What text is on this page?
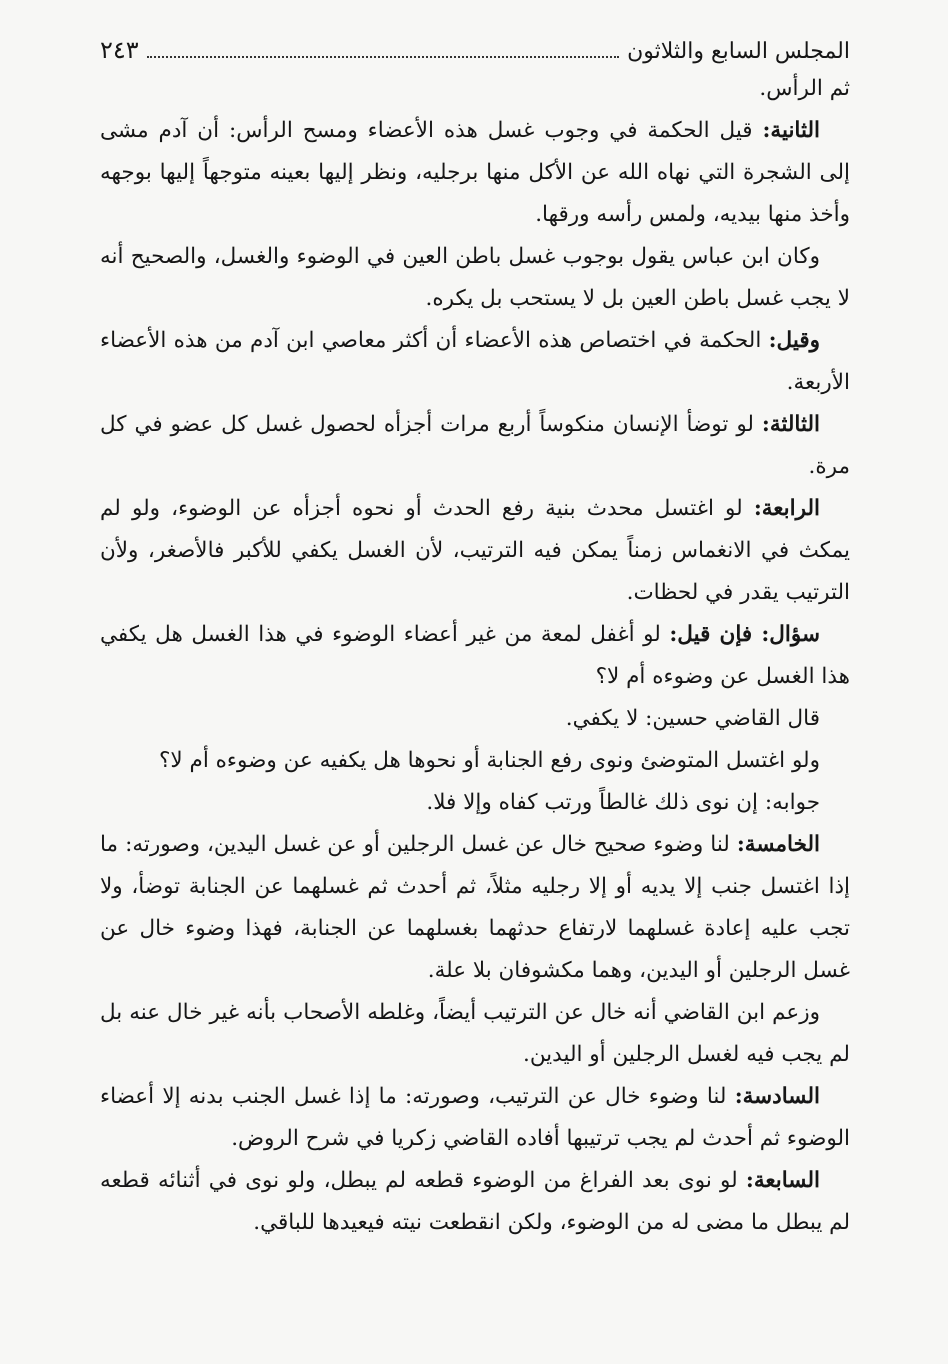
المجلس السابع والثلاثون
٢٤٣

ثم الرأس.

الثانية: قيل الحكمة في وجوب غسل هذه الأعضاء ومسح الرأس: أن آدم مشى إلى الشجرة التي نهاه الله عن الأكل منها برجليه، ونظر إليها بعينه متوجهاً إليها بوجهه وأخذ منها بيديه، ولمس رأسه ورقها.

وكان ابن عباس يقول بوجوب غسل باطن العين في الوضوء والغسل، والصحيح أنه لا يجب غسل باطن العين بل لا يستحب بل يكره.

وقيل: الحكمة في اختصاص هذه الأعضاء أن أكثر معاصي ابن آدم من هذه الأعضاء الأربعة.

الثالثة: لو توضأ الإنسان منكوساً أربع مرات أجزأه لحصول غسل كل عضو في كل مرة.

الرابعة: لو اغتسل محدث بنية رفع الحدث أو نحوه أجزأه عن الوضوء، ولو لم يمكث في الانغماس زمناً يمكن فيه الترتيب، لأن الغسل يكفي للأكبر فالأصغر، ولأن الترتيب يقدر في لحظات.

سؤال: فإن قيل: لو أغفل لمعة من غير أعضاء الوضوء في هذا الغسل هل يكفي هذا الغسل عن وضوءه أم لا؟

قال القاضي حسين: لا يكفي.

ولو اغتسل المتوضئ ونوى رفع الجنابة أو نحوها هل يكفيه عن وضوءه أم لا؟

جوابه: إن نوى ذلك غالطاً ورتب كفاه وإلا فلا.

الخامسة: لنا وضوء صحيح خال عن غسل الرجلين أو عن غسل اليدين، وصورته: ما إذا اغتسل جنب إلا يديه أو إلا رجليه مثلاً، ثم أحدث ثم غسلهما عن الجنابة توضأ، ولا تجب عليه إعادة غسلهما لارتفاع حدثهما بغسلهما عن الجنابة، فهذا وضوء خال عن غسل الرجلين أو اليدين، وهما مكشوفان بلا علة.

وزعم ابن القاضي أنه خال عن الترتيب أيضاً، وغلطه الأصحاب بأنه غير خال عنه بل لم يجب فيه لغسل الرجلين أو اليدين.

السادسة: لنا وضوء خال عن الترتيب، وصورته: ما إذا غسل الجنب بدنه إلا أعضاء الوضوء ثم أحدث لم يجب ترتيبها أفاده القاضي زكريا في شرح الروض.

السابعة: لو نوى بعد الفراغ من الوضوء قطعه لم يبطل، ولو نوى في أثنائه قطعه لم يبطل ما مضى له من الوضوء، ولكن انقطعت نيته فيعيدها للباقي.
